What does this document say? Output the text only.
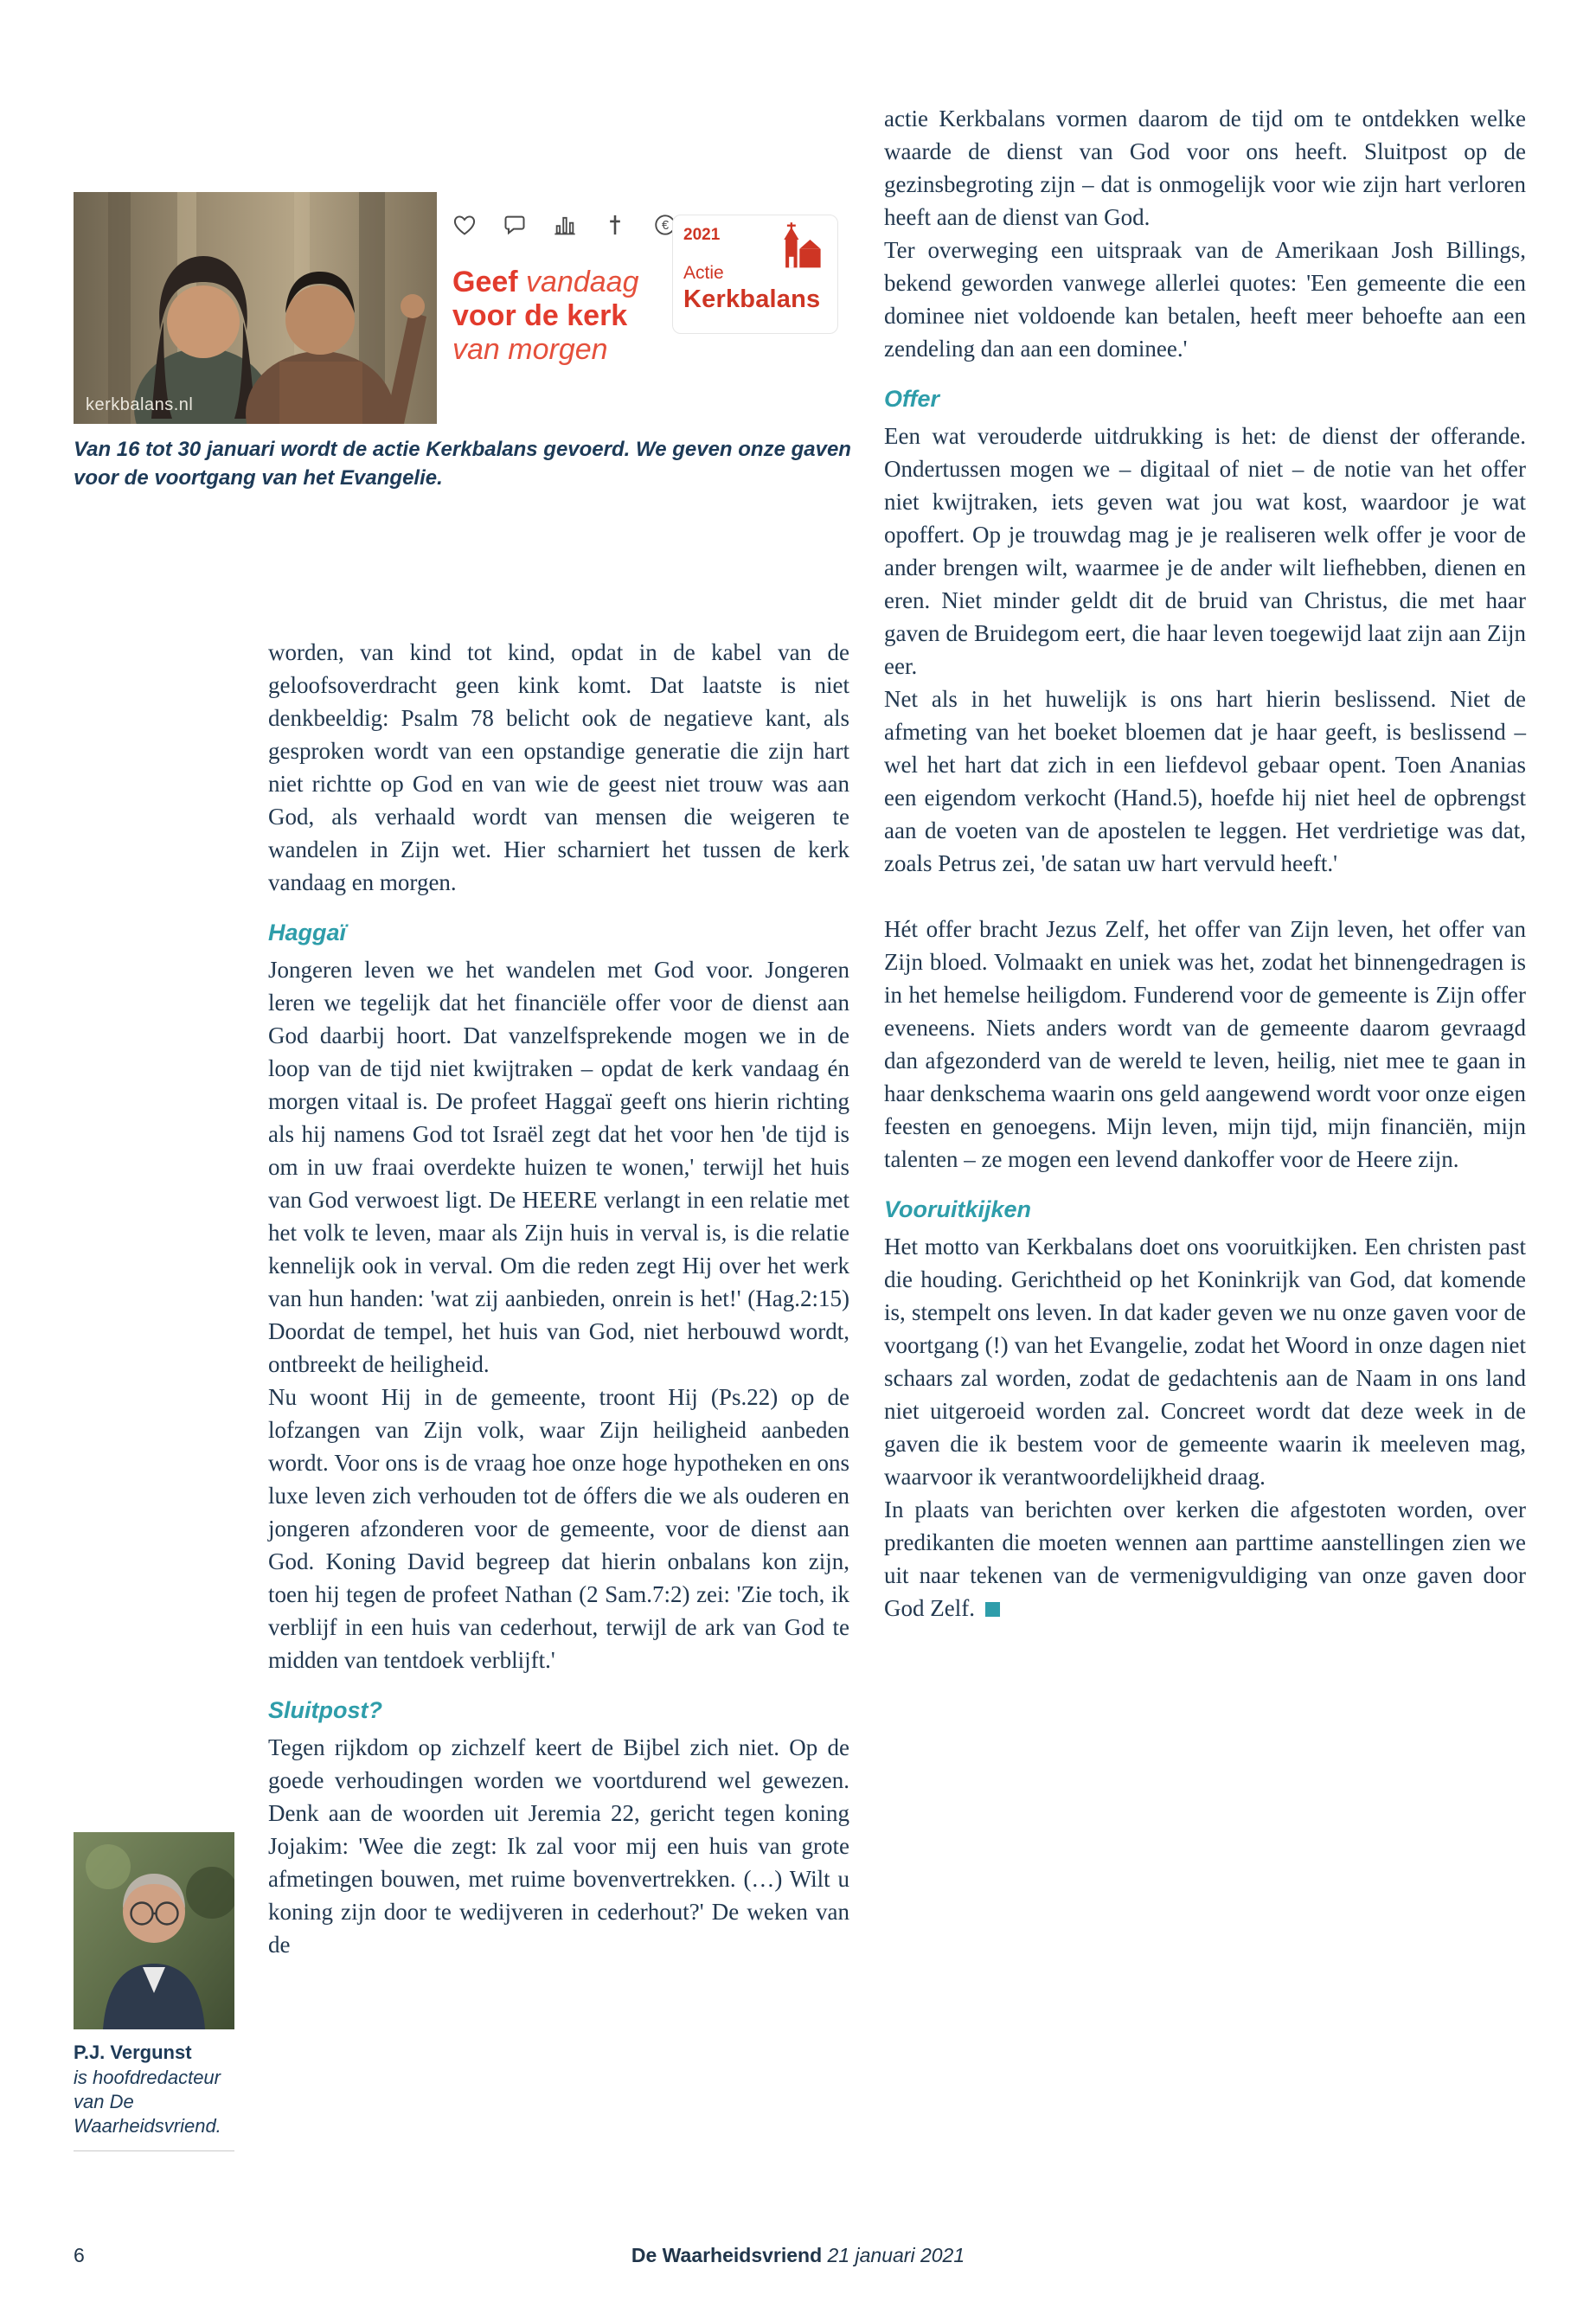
kerkbalans.nl
€
Geef vandaag
voor de kerk
van morgen
2021
Actie
Kerkbalans

Van 16 tot 30 januari wordt de actie Kerkbalans gevoerd. We geven onze gaven voor de voortgang van het Evangelie.

worden, van kind tot kind, opdat in de kabel van de geloofsoverdracht geen kink komt. Dat laatste is niet denkbeeldig: Psalm 78 belicht ook de negatieve kant, als gesproken wordt van een opstandige generatie die zijn hart niet richtte op God en van wie de geest niet trouw was aan God, als verhaald wordt van mensen die weigeren te wandelen in Zijn wet. Hier scharniert het tussen de kerk vandaag en morgen.

Haggaï

Jongeren leven we het wandelen met God voor. Jongeren leren we tegelijk dat het financiële offer voor de dienst aan God daarbij hoort. Dat vanzelfsprekende mogen we in de loop van de tijd niet kwijtraken – opdat de kerk vandaag én morgen vitaal is. De profeet Haggaï geeft ons hierin richting als hij namens God tot Israël zegt dat het voor hen 'de tijd is om in uw fraai overdekte huizen te wonen,' terwijl het huis van God verwoest ligt. De HEERE verlangt in een relatie met het volk te leven, maar als Zijn huis in verval is, is die relatie kennelijk ook in verval. Om die reden zegt Hij over het werk van hun handen: 'wat zij aanbieden, onrein is het!' (Hag.2:15) Doordat de tempel, het huis van God, niet herbouwd wordt, ontbreekt de heiligheid.

Nu woont Hij in de gemeente, troont Hij (Ps.22) op de lofzangen van Zijn volk, waar Zijn heiligheid aanbeden wordt. Voor ons is de vraag hoe onze hoge hypotheken en ons luxe leven zich verhouden tot de óffers die we als ouderen en jongeren afzonderen voor de gemeente, voor de dienst aan God. Koning David begreep dat hierin onbalans kon zijn, toen hij tegen de profeet Nathan (2 Sam.7:2) zei: 'Zie toch, ik verblijf in een huis van cederhout, terwijl de ark van God te midden van tentdoek verblijft.'

Sluitpost?

Tegen rijkdom op zichzelf keert de Bijbel zich niet. Op de goede verhoudingen worden we voortdurend wel gewezen. Denk aan de woorden uit Jeremia 22, gericht tegen koning Jojakim: 'Wee die zegt: Ik zal voor mij een huis van grote afmetingen bouwen, met ruime bovenvertrekken. (…) Wilt u koning zijn door te wedijveren in cederhout?' De weken van de

actie Kerkbalans vormen daarom de tijd om te ontdekken welke waarde de dienst van God voor ons heeft. Sluitpost op de gezinsbegroting zijn – dat is onmogelijk voor wie zijn hart verloren heeft aan de dienst van God.

Ter overweging een uitspraak van de Amerikaan Josh Billings, bekend geworden vanwege allerlei quotes: 'Een gemeente die een dominee niet voldoende kan betalen, heeft meer behoefte aan een zendeling dan aan een dominee.'

Offer

Een wat verouderde uitdrukking is het: de dienst der offerande. Ondertussen mogen we – digitaal of niet – de notie van het offer niet kwijtraken, iets geven wat jou wat kost, waardoor je wat opoffert. Op je trouwdag mag je je realiseren welk offer je voor de ander brengen wilt, waarmee je de ander wilt liefhebben, dienen en eren. Niet minder geldt dit de bruid van Christus, die met haar gaven de Bruidegom eert, die haar leven toegewijd laat zijn aan Zijn eer.

Net als in het huwelijk is ons hart hierin beslissend. Niet de afmeting van het boeket bloemen dat je haar geeft, is beslissend – wel het hart dat zich in een liefdevol gebaar opent. Toen Ananias een eigendom verkocht (Hand.5), hoefde hij niet heel de opbrengst aan de voeten van de apostelen te leggen. Het verdrietige was dat, zoals Petrus zei, 'de satan uw hart vervuld heeft.'

Hét offer bracht Jezus Zelf, het offer van Zijn leven, het offer van Zijn bloed. Volmaakt en uniek was het, zodat het binnengedragen is in het hemelse heiligdom. Funderend voor de gemeente is Zijn offer eveneens. Niets anders wordt van de gemeente daarom gevraagd dan afgezonderd van de wereld te leven, heilig, niet mee te gaan in haar denkschema waarin ons geld aangewend wordt voor onze eigen feesten en genoegens. Mijn leven, mijn tijd, mijn financiën, mijn talenten – ze mogen een levend dankoffer voor de Heere zijn.

Vooruitkijken

Het motto van Kerkbalans doet ons vooruitkijken. Een christen past die houding. Gerichtheid op het Koninkrijk van God, dat komende is, stempelt ons leven. In dat kader geven we nu onze gaven voor de voortgang (!) van het Evangelie, zodat het Woord in onze dagen niet schaars zal worden, zodat de gedachtenis aan de Naam in ons land niet uitgeroeid worden zal. Concreet wordt dat deze week in de gaven die ik bestem voor de gemeente waarin ik meeleven mag, waarvoor ik verantwoordelijkheid draag.

In plaats van berichten over kerken die afgestoten worden, over predikanten die moeten wennen aan parttime aanstellingen zien we uit naar tekenen van de vermenigvuldiging van onze gaven door God Zelf.

P.J. Vergunst
is hoofdredacteur van De Waarheidsvriend.
6	De Waarheidsvriend 21 januari 2021
